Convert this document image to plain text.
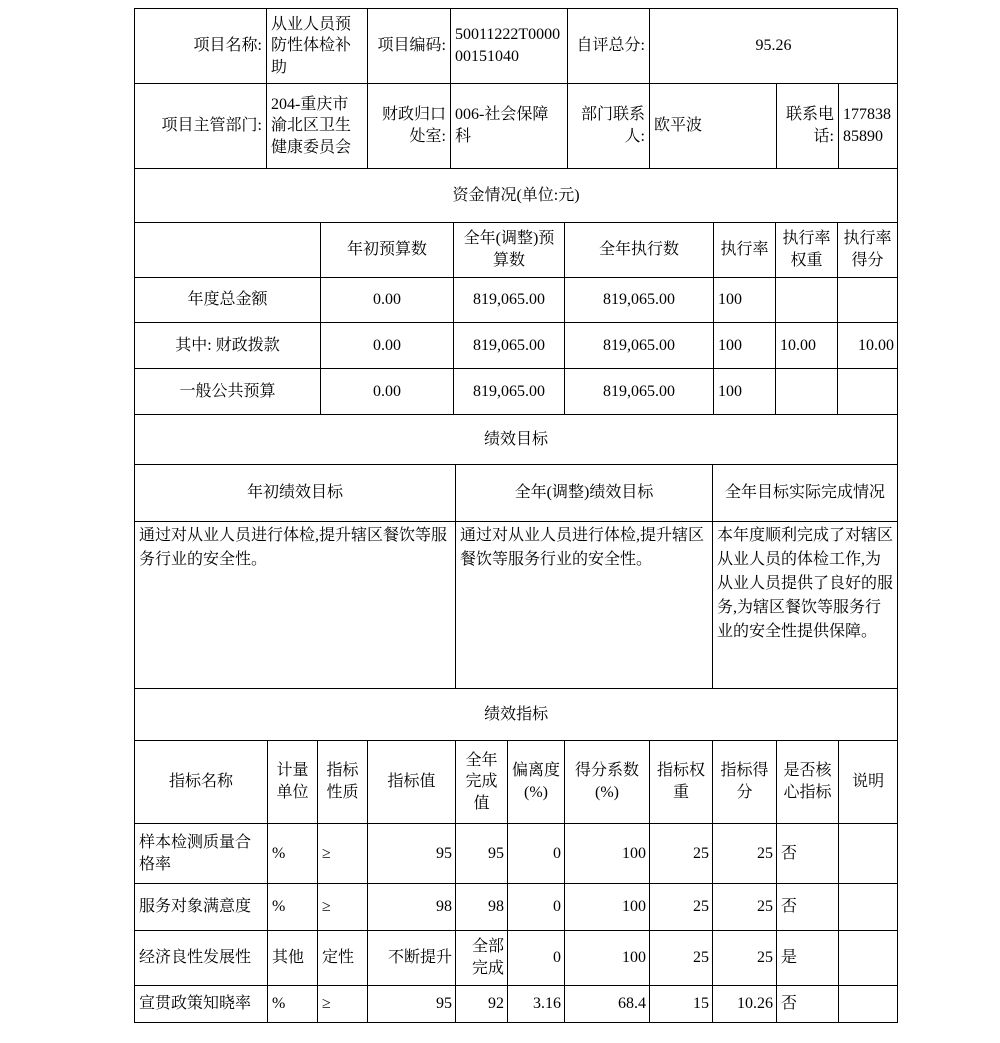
项目名称:	从业人员预防性体检补助	项目编码:	50011222T000000151040	自评总分:	95.26		
项目主管部门:	204-重庆市渝北区卫生健康委员会	财政归口处室:	006-社会保障科	部门联系人:	欧平波	联系电话:	17783885890
资金情况(单位:元)						
	年初预算数	全年(调整)预算数	全年执行数	执行率	执行率权重	执行率得分
年度总金额	0.00	819,065.00	819,065.00	100		
其中: 财政拨款	0.00	819,065.00	819,065.00	100	10.00	10.00
一般公共预算	0.00	819,065.00	819,065.00	100		
绩效目标		
年初绩效目标	全年(调整)绩效目标	全年目标实际完成情况
通过对从业人员进行体检,提升辖区餐饮等服务行业的安全性。	通过对从业人员进行体检,提升辖区餐饮等服务行业的安全性。	本年度顺利完成了对辖区从业人员的体检工作,为从业人员提供了良好的服务,为辖区餐饮等服务行业的安全性提供保障。
绩效指标										
指标名称	计量单位	指标性质	指标值	全年完成值	偏离度(%)	得分系数(%)	指标权重	指标得分	是否核心指标	说明
样本检测质量合格率	%	≥	95	95	0	100	25	25	否	
服务对象满意度	%	≥	98	98	0	100	25	25	否	
经济良性发展性	其他	定性	不断提升	全部完成	0	100	25	25	是	
宣贯政策知晓率	%	≥	95	92	3.16	68.4	15	10.26	否	
